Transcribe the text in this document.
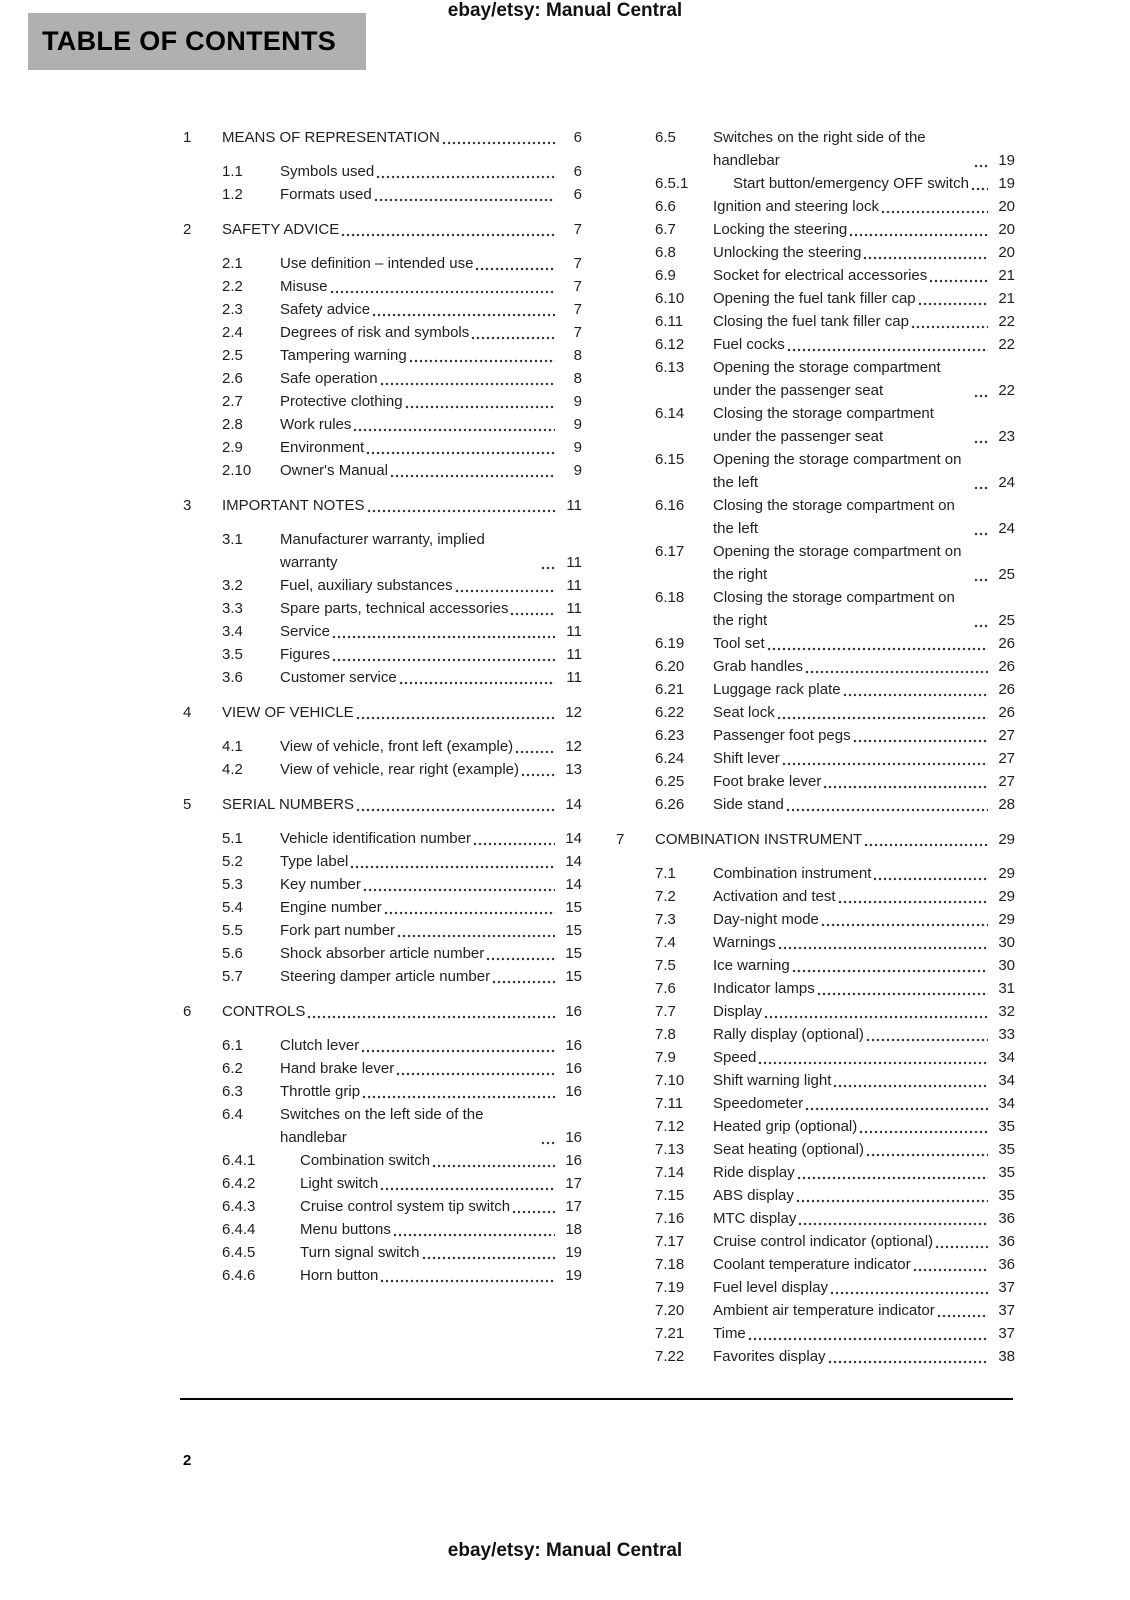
ebay/etsy: Manual Central
TABLE OF CONTENTS
1	MEANS OF REPRESENTATION	6
1.1	Symbols used	6
1.2	Formats used	6
2	SAFETY ADVICE	7
2.1	Use definition – intended use	7
2.2	Misuse	7
2.3	Safety advice	7
2.4	Degrees of risk and symbols	7
2.5	Tampering warning	8
2.6	Safe operation	8
2.7	Protective clothing	9
2.8	Work rules	9
2.9	Environment	9
2.10	Owner's Manual	9
3	IMPORTANT NOTES	11
3.1	Manufacturer warranty, implied warranty	11
3.2	Fuel, auxiliary substances	11
3.3	Spare parts, technical accessories	11
3.4	Service	11
3.5	Figures	11
3.6	Customer service	11
4	VIEW OF VEHICLE	12
4.1	View of vehicle, front left (example)	12
4.2	View of vehicle, rear right (example)	13
5	SERIAL NUMBERS	14
5.1	Vehicle identification number	14
5.2	Type label	14
5.3	Key number	14
5.4	Engine number	15
5.5	Fork part number	15
5.6	Shock absorber article number	15
5.7	Steering damper article number	15
6	CONTROLS	16
6.1	Clutch lever	16
6.2	Hand brake lever	16
6.3	Throttle grip	16
6.4	Switches on the left side of the handlebar	16
6.4.1	Combination switch	16
6.4.2	Light switch	17
6.4.3	Cruise control system tip switch	17
6.4.4	Menu buttons	18
6.4.5	Turn signal switch	19
6.4.6	Horn button	19
6.5	Switches on the right side of the handlebar	19
6.5.1	Start button/emergency OFF switch	19
6.6	Ignition and steering lock	20
6.7	Locking the steering	20
6.8	Unlocking the steering	20
6.9	Socket for electrical accessories	21
6.10	Opening the fuel tank filler cap	21
6.11	Closing the fuel tank filler cap	22
6.12	Fuel cocks	22
6.13	Opening the storage compartment under the passenger seat	22
6.14	Closing the storage compartment under the passenger seat	23
6.15	Opening the storage compartment on the left	24
6.16	Closing the storage compartment on the left	24
6.17	Opening the storage compartment on the right	25
6.18	Closing the storage compartment on the right	25
6.19	Tool set	26
6.20	Grab handles	26
6.21	Luggage rack plate	26
6.22	Seat lock	26
6.23	Passenger foot pegs	27
6.24	Shift lever	27
6.25	Foot brake lever	27
6.26	Side stand	28
7	COMBINATION INSTRUMENT	29
7.1	Combination instrument	29
7.2	Activation and test	29
7.3	Day-night mode	29
7.4	Warnings	30
7.5	Ice warning	30
7.6	Indicator lamps	31
7.7	Display	32
7.8	Rally display (optional)	33
7.9	Speed	34
7.10	Shift warning light	34
7.11	Speedometer	34
7.12	Heated grip (optional)	35
7.13	Seat heating (optional)	35
7.14	Ride display	35
7.15	ABS display	35
7.16	MTC display	36
7.17	Cruise control indicator (optional)	36
7.18	Coolant temperature indicator	36
7.19	Fuel level display	37
7.20	Ambient air temperature indicator	37
7.21	Time	37
7.22	Favorites display	38
2
ebay/etsy: Manual Central
